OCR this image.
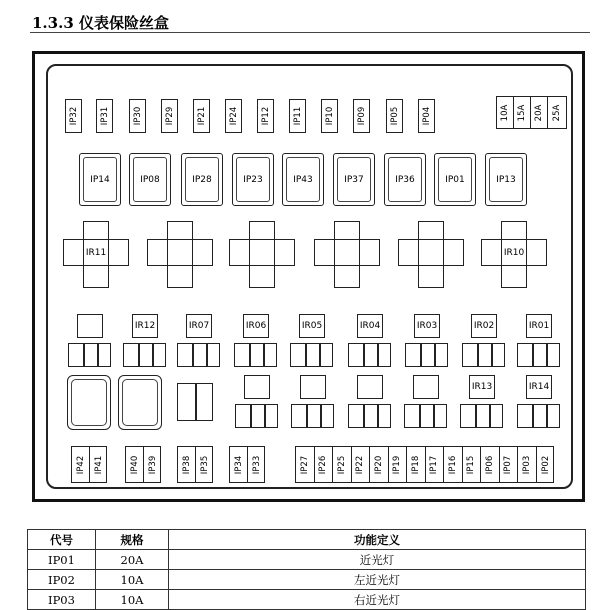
1.3.3 仪表保险丝盒
IP32 IP31	IP30	IP29	IP21	IP24	IP12	IP11	IP10	IP09	IP05	IP04
IP14	IP08	IP28	IP23	IP43	IP37	IP36	IP01	IP13
IR11	IR10
IR12	IR07	IR06	IR05	IR04	IR03	IR02	IR01
IR13	IR14
IP42 IP41	IP40 IP39	IP38 IP35	IP34 IP33	IP27 IP26 IP25 IP22 IP20 IP19 IP18 IP17 IP16 IP15 IP06 IP07 IP03 IP02
10A 15A 20A 25A
代号	规格	功能定义
IP01	20A	近光灯
IP02	10A	左近光灯
IP03	10A	右近光灯
